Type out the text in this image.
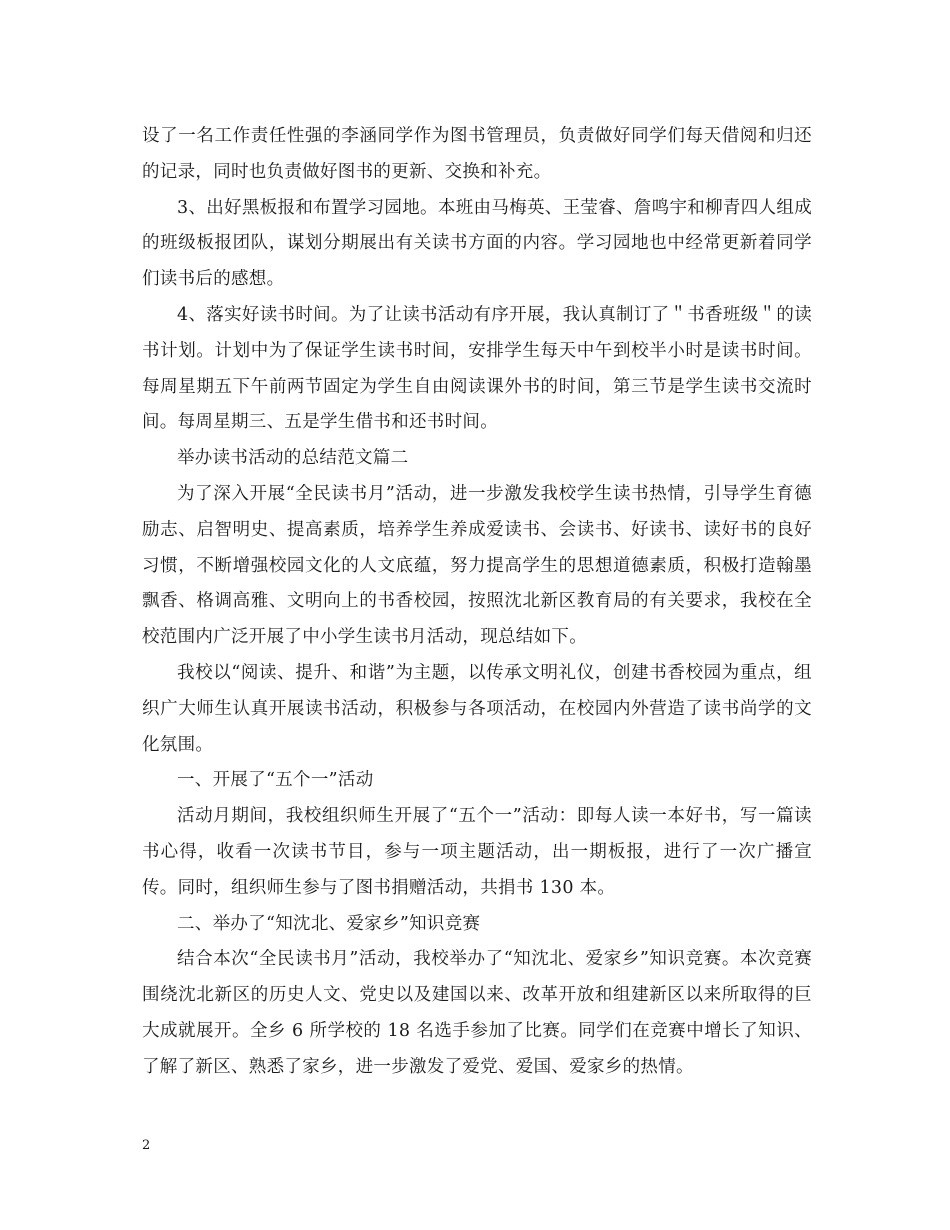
设了一名工作责任性强的李涵同学作为图书管理员，负责做好同学们每天借阅和归还的记录，同时也负责做好图书的更新、交换和补充。

3、出好黑板报和布置学习园地。本班由马梅英、王莹睿、詹鸣宇和柳青四人组成的班级板报团队，谋划分期展出有关读书方面的内容。学习园地也中经常更新着同学们读书后的感想。

4、落实好读书时间。为了让读书活动有序开展，我认真制订了＂书香班级＂的读书计划。计划中为了保证学生读书时间，安排学生每天中午到校半小时是读书时间。每周星期五下午前两节固定为学生自由阅读课外书的时间，第三节是学生读书交流时间。每周星期三、五是学生借书和还书时间。

举办读书活动的总结范文篇二

为了深入开展“全民读书月”活动，进一步激发我校学生读书热情，引导学生育德励志、启智明史、提高素质，培养学生养成爱读书、会读书、好读书、读好书的良好习惯，不断增强校园文化的人文底蕴，努力提高学生的思想道德素质，积极打造翰墨飘香、格调高雅、文明向上的书香校园，按照沈北新区教育局的有关要求，我校在全校范围内广泛开展了中小学生读书月活动，现总结如下。

我校以“阅读、提升、和谐”为主题，以传承文明礼仪，创建书香校园为重点，组织广大师生认真开展读书活动，积极参与各项活动，在校园内外营造了读书尚学的文化氛围。

一、开展了“五个一”活动

活动月期间，我校组织师生开展了“五个一”活动：即每人读一本好书，写一篇读书心得，收看一次读书节目，参与一项主题活动，出一期板报，进行了一次广播宣传。同时，组织师生参与了图书捐赠活动，共捐书 130 本。

二、举办了“知沈北、爱家乡”知识竞赛

结合本次“全民读书月”活动，我校举办了“知沈北、爱家乡”知识竞赛。本次竞赛围绕沈北新区的历史人文、党史以及建国以来、改革开放和组建新区以来所取得的巨大成就展开。全乡 6 所学校的 18 名选手参加了比赛。同学们在竞赛中增长了知识、了解了新区、熟悉了家乡，进一步激发了爱党、爱国、爱家乡的热情。

2
